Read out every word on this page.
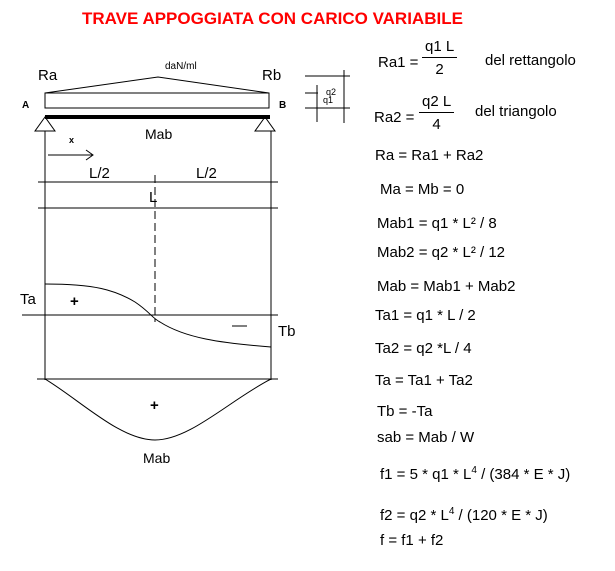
TRAVE APPOGGIATA CON CARICO VARIABILE
Ra	Rb
daN/ml
A	B	q1
q2
Mab
x
L/2	L/2
L
Ta +
— Tb
+
Mab
$Ra1 = \frac{q1 L}{2}$ del rettangolo
$Ra2 = \frac{q2 L}{4}$ del triangolo
Ra = Ra1 + Ra2
Ma = Mb = 0
Mab1 = q1 * L² / 8
Mab2 = q2 * L² / 12
Mab = Mab1 + Mab2
Ta1 = q1 * L / 2
Ta2 = q2 *L / 4
Ta = Ta1 + Ta2
Tb = -Ta
sab = Mab / W
$f1 = 5 * q1 * L^4 / (384 * E * J)$
$f2 = q2 * L^4 / (120 * E * J)$
f = f1 + f2
